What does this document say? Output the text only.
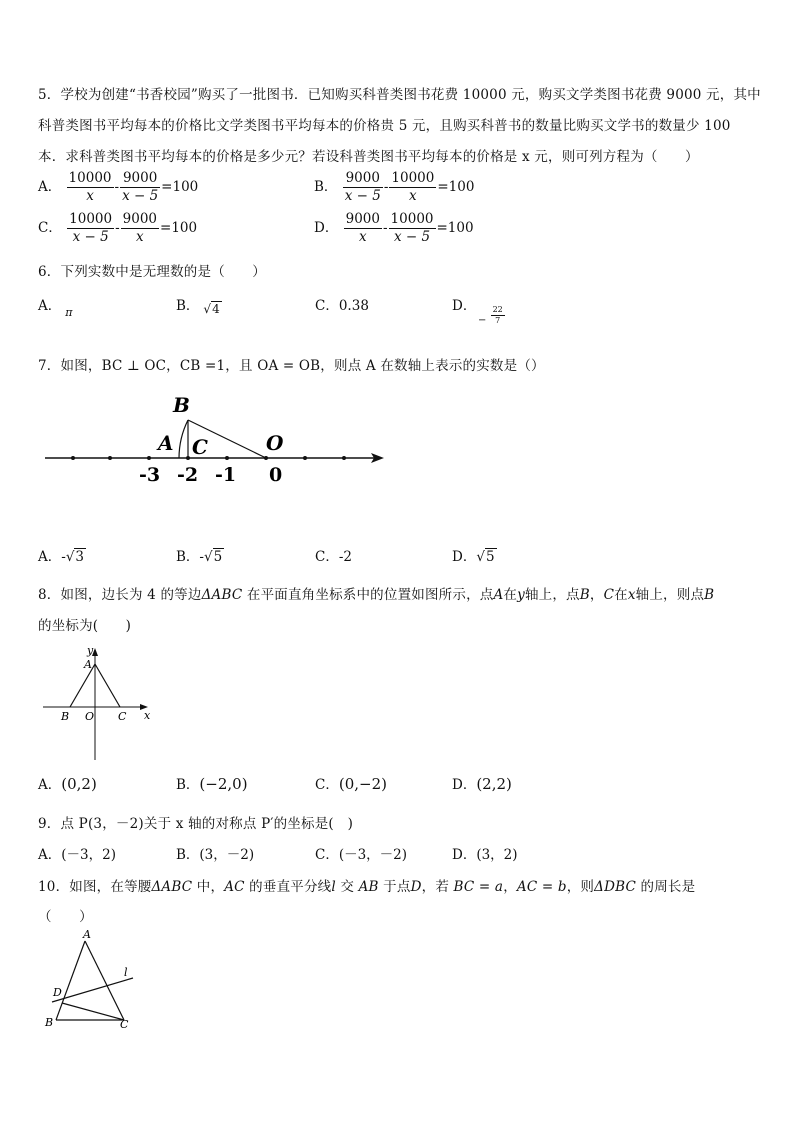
5．学校为创建“书香校园”购买了一批图书．已知购买科普类图书花费 10000 元，购买文学类图书花费 9000 元，其中
科普类图书平均每本的价格比文学类图书平均每本的价格贵 5 元，且购买科普书的数量比购买文学书的数量少 100
本．求科普类图书平均每本的价格是多少元？若设科普类图书平均每本的价格是 x 元，则可列方程为（　　）
A． $\frac{10000}{x} - \frac{9000}{x - 5} =100$	B． $\frac{9000}{x - 5} - \frac{10000}{x} =100$
C． $\frac{10000}{x - 5} - \frac{9000}{x} =100$	D． $\frac{9000}{x} - \frac{10000}{x - 5} =100$
6．下列实数中是无理数的是（　　）
A． $_\pi$	B． √4	C．0.38	D．
− $\frac{22}{7}$
7．如图，BC ⊥ OC，CB =1，且 OA = OB，则点 A 在数轴上表示的实数是（）
B
A C	O
-3 -2 -1 0
A．-√3	B．-√5	C．-2	D．√5
8．如图，边长为 4 的等边ΔABC 在平面直角坐标系中的位置如图所示，点A在y轴上，点B，C在x轴上，则点B
的坐标为(　　)
y
A
B O C x
A．(0,2)	B．(−2,0)	C．(0,−2)	D．(2,2)
9．点 P(3，－2)关于 x 轴的对称点 P′的坐标是(　)
A．(－3，2)	B．(3，－2)	C．(－3，－2)	D．(3，2)
10．如图，在等腰ΔABC 中，AC 的垂直平分线l 交 AB 于点D，若 BC = a，AC = b，则ΔDBC 的周长是
（　　）
A
l
D
B	C
